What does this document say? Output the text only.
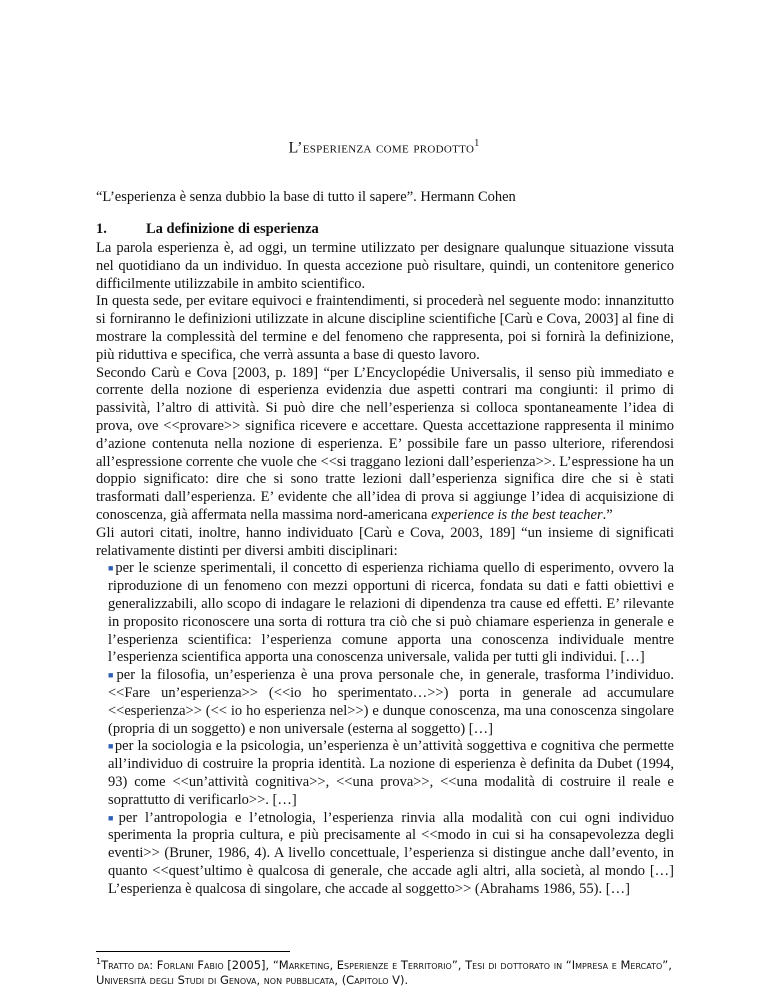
L’esperienza come prodotto$^1$
“L’esperienza è senza dubbio la base di tutto il sapere”. Hermann Cohen
1.	La definizione di esperienza

La parola esperienza è, ad oggi, un termine utilizzato per designare qualunque situazione vissuta nel quotidiano da un individuo. In questa accezione può risultare, quindi, un contenitore generico difficilmente utilizzabile in ambito scientifico.

In questa sede, per evitare equivoci e fraintendimenti, si procederà nel seguente modo: innanzitutto si forniranno le definizioni utilizzate in alcune discipline scientifiche [Carù e Cova, 2003] al fine di mostrare la complessità del termine e del fenomeno che rappresenta, poi si fornirà la definizione, più riduttiva e specifica, che verrà assunta a base di questo lavoro.

Secondo Carù e Cova [2003, p. 189] “per L’Encyclopédie Universalis, il senso più immediato e corrente della nozione di esperienza evidenzia due aspetti contrari ma congiunti: il primo di passività, l’altro di attività. Si può dire che nell’esperienza si colloca spontaneamente l’idea di prova, ove <<provare>> significa ricevere e accettare. Questa accettazione rappresenta il minimo d’azione contenuta nella nozione di esperienza. E’ possibile fare un passo ulteriore, riferendosi all’espressione corrente che vuole che <<si traggano lezioni dall’esperienza>>. L’espressione ha un doppio significato: dire che si sono tratte lezioni dall’esperienza significa dire che si è stati trasformati dall’esperienza. E’ evidente che all’idea di prova si aggiunge l’idea di acquisizione di conoscenza, già affermata nella massima nord-americana experience is the best teacher.”

Gli autori citati, inoltre, hanno individuato [Carù e Cova, 2003, 189] “un insieme di significati relativamente distinti per diversi ambiti disciplinari:

■per le scienze sperimentali, il concetto di esperienza richiama quello di esperimento, ovvero la riproduzione di un fenomeno con mezzi opportuni di ricerca, fondata su dati e fatti obiettivi e generalizzabili, allo scopo di indagare le relazioni di dipendenza tra cause ed effetti. E’ rilevante in proposito riconoscere una sorta di rottura tra ciò che si può chiamare esperienza in generale e l’esperienza scientifica: l’esperienza comune apporta una conoscenza individuale mentre l’esperienza scientifica apporta una conoscenza universale, valida per tutti gli individui. […]
■per la filosofia, un’esperienza è una prova personale che, in generale, trasforma l’individuo. <<Fare un’esperienza>> (<<io ho sperimentato…>>) porta in generale ad accumulare <<esperienza>> (<< io ho esperienza nel>>) e dunque conoscenza, ma una conoscenza singolare (propria di un soggetto) e non universale (esterna al soggetto) […]
■per la sociologia e la psicologia, un’esperienza è un’attività soggettiva e cognitiva che permette all’individuo di costruire la propria identità. La nozione di esperienza è definita da Dubet (1994, 93) come <<un’attività cognitiva>>, <<una prova>>, <<una modalità di costruire il reale e soprattutto di verificarlo>>. […]
■per l’antropologia e l’etnologia, l’esperienza rinvia alla modalità con cui ogni individuo sperimenta la propria cultura, e più precisamente al <<modo in cui si ha consapevolezza degli eventi>> (Bruner, 1986, 4). A livello concettuale, l’esperienza si distingue anche dall’evento, in quanto <<quest’ultimo è qualcosa di generale, che accade agli altri, alla società, al mondo […] L’esperienza è qualcosa di singolare, che accade al soggetto>> (Abrahams 1986, 55). […]
$^1$Tratto da: Forlani Fabio [2005], “Marketing, Esperienze e Territorio”, Tesi di dottorato in “Impresa e Mercato”, Università degli Studi di Genova, non pubblicata, (Capitolo V).
